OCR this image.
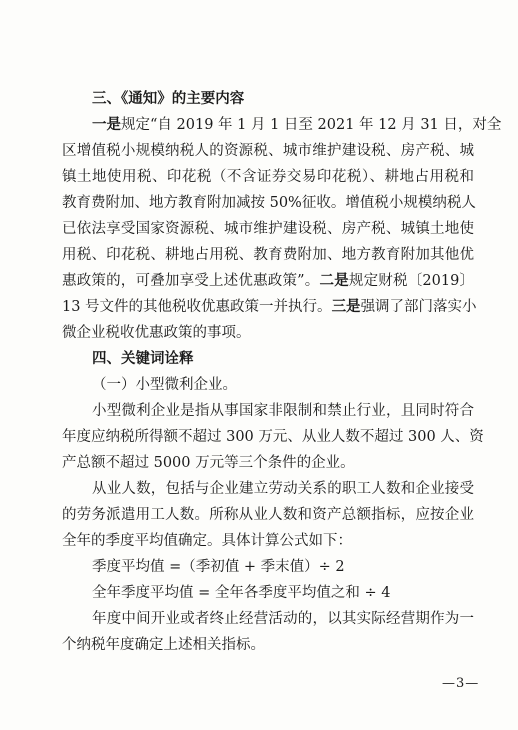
三、《通知》的主要内容
一是规定“自 2019 年 1 月 1 日至 2021 年 12 月 31 日，对全
区增值税小规模纳税人的资源税、城市维护建设税、房产税、城
镇土地使用税、印花税（不含证券交易印花税）、耕地占用税和
教育费附加、地方教育附加减按 50%征收。增值税小规模纳税人
已依法享受国家资源税、城市维护建设税、房产税、城镇土地使
用税、印花税、耕地占用税、教育费附加、地方教育附加其他优
惠政策的，可叠加享受上述优惠政策”。二是规定财税〔2019〕
13 号文件的其他税收优惠政策一并执行。三是强调了部门落实小
微企业税收优惠政策的事项。
四、关键词诠释
（一）小型微利企业。
小型微利企业是指从事国家非限制和禁止行业，且同时符合
年度应纳税所得额不超过 300 万元、从业人数不超过 300 人、资
产总额不超过 5000 万元等三个条件的企业。
从业人数，包括与企业建立劳动关系的职工人数和企业接受
的劳务派遣用工人数。所称从业人数和资产总额指标，应按企业
全年的季度平均值确定。具体计算公式如下：
季度平均值 =（季初值 + 季末值）÷ 2
全年季度平均值 = 全年各季度平均值之和 ÷ 4
年度中间开业或者终止经营活动的，以其实际经营期作为一
个纳税年度确定上述相关指标。
—3—
